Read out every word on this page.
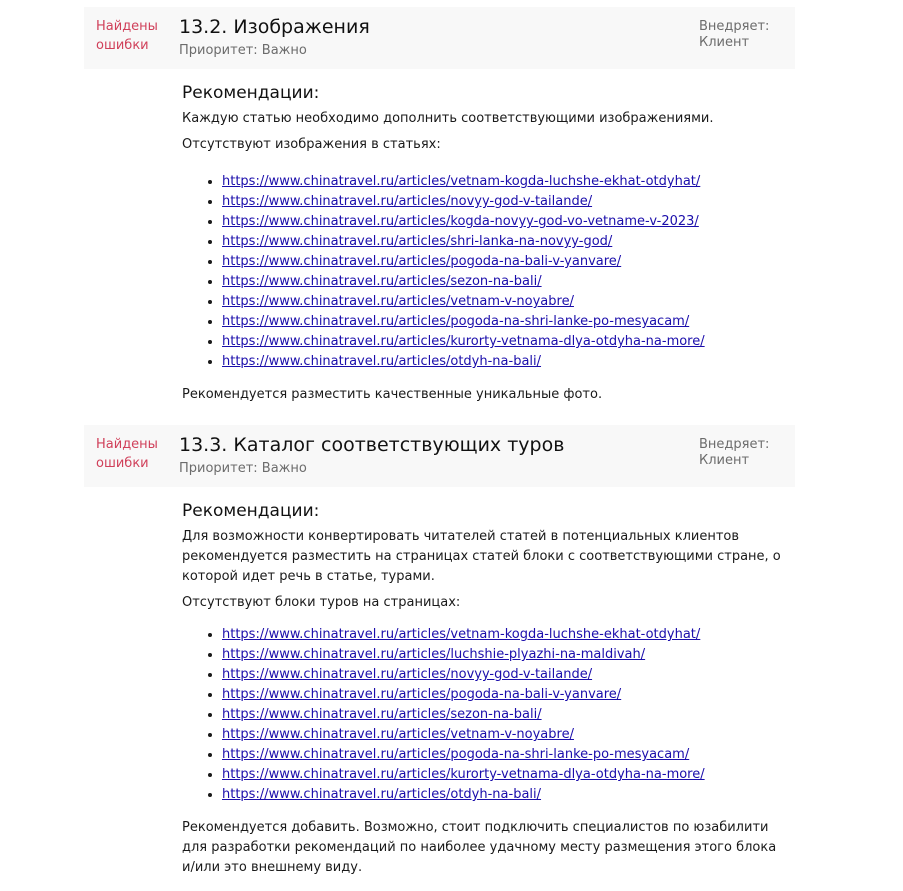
Найдены ошибки
13.2. Изображения
Приоритет: Важно
Внедряет: Клиент

Рекомендации:

Каждую статью необходимо дополнить соответствующими изображениями.

Отсутствуют изображения в статьях:

• https://www.chinatravel.ru/articles/vetnam-kogda-luchshe-ekhat-otdyhat/
• https://www.chinatravel.ru/articles/novyy-god-v-tailande/
• https://www.chinatravel.ru/articles/kogda-novyy-god-vo-vetname-v-2023/
• https://www.chinatravel.ru/articles/shri-lanka-na-novyy-god/
• https://www.chinatravel.ru/articles/pogoda-na-bali-v-yanvare/
• https://www.chinatravel.ru/articles/sezon-na-bali/
• https://www.chinatravel.ru/articles/vetnam-v-noyabre/
• https://www.chinatravel.ru/articles/pogoda-na-shri-lanke-po-mesyacam/
• https://www.chinatravel.ru/articles/kurorty-vetnama-dlya-otdyha-na-more/
• https://www.chinatravel.ru/articles/otdyh-na-bali/

Рекомендуется разместить качественные уникальные фото.

Найдены ошибки
13.3. Каталог соответствующих туров
Приоритет: Важно
Внедряет: Клиент

Рекомендации:

Для возможности конвертировать читателей статей в потенциальных клиентов рекомендуется разместить на страницах статей блоки с соответствующими стране, о которой идет речь в статье, турами.

Отсутствуют блоки туров на страницах:

• https://www.chinatravel.ru/articles/vetnam-kogda-luchshe-ekhat-otdyhat/
• https://www.chinatravel.ru/articles/luchshie-plyazhi-na-maldivah/
• https://www.chinatravel.ru/articles/novyy-god-v-tailande/
• https://www.chinatravel.ru/articles/pogoda-na-bali-v-yanvare/
• https://www.chinatravel.ru/articles/sezon-na-bali/
• https://www.chinatravel.ru/articles/vetnam-v-noyabre/
• https://www.chinatravel.ru/articles/pogoda-na-shri-lanke-po-mesyacam/
• https://www.chinatravel.ru/articles/kurorty-vetnama-dlya-otdyha-na-more/
• https://www.chinatravel.ru/articles/otdyh-na-bali/

Рекомендуется добавить. Возможно, стоит подключить специалистов по юзабилити для разработки рекомендаций по наиболее удачному месту размещения этого блока и/или это внешнему виду.
